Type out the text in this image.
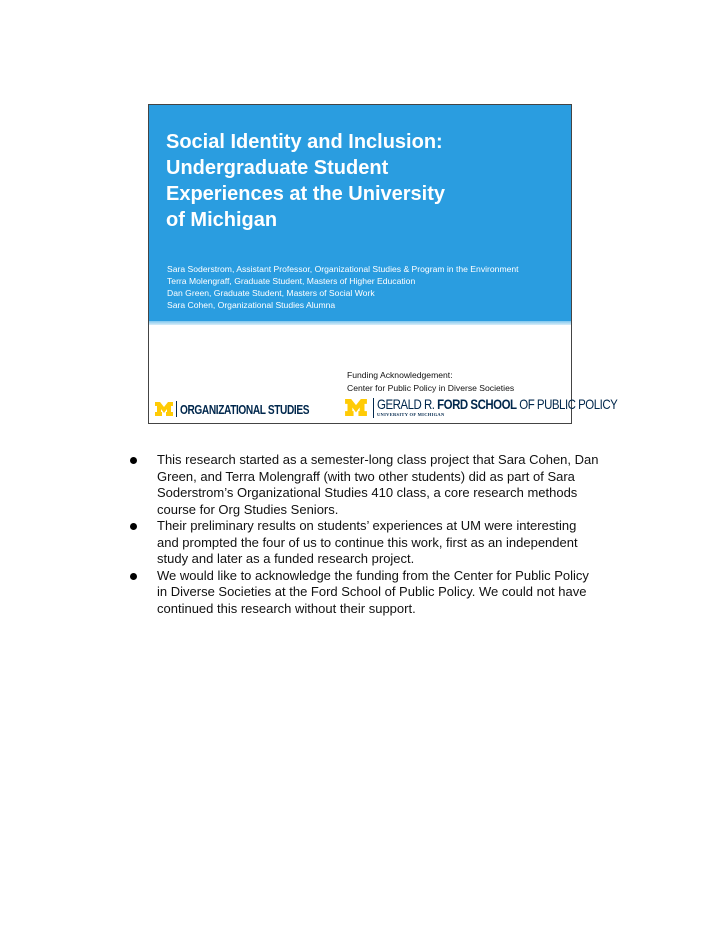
Social Identity and Inclusion: Undergraduate Student Experiences at the University of Michigan
Sara Soderstrom, Assistant Professor, Organizational Studies & Program in the Environment
Terra Molengraff, Graduate Student, Masters of Higher Education
Dan Green, Graduate Student, Masters of Social Work
Sara Cohen, Organizational Studies Alumna
Funding Acknowledgement:
Center for Public Policy in Diverse Societies
ORGANIZATIONAL STUDIES	GERALD R. FORD SCHOOL OF PUBLIC POLICY
UNIVERSITY OF MICHIGAN
This research started as a semester-long class project that Sara Cohen, Dan Green, and Terra Molengraff (with two other students) did as part of Sara Soderstrom’s Organizational Studies 410 class, a core research methods course for Org Studies Seniors.
Their preliminary results on students’ experiences at UM were interesting and prompted the four of us to continue this work, first as an independent study and later as a funded research project.
We would like to acknowledge the funding from the Center for Public Policy in Diverse Societies at the Ford School of Public Policy. We could not have continued this research without their support.
